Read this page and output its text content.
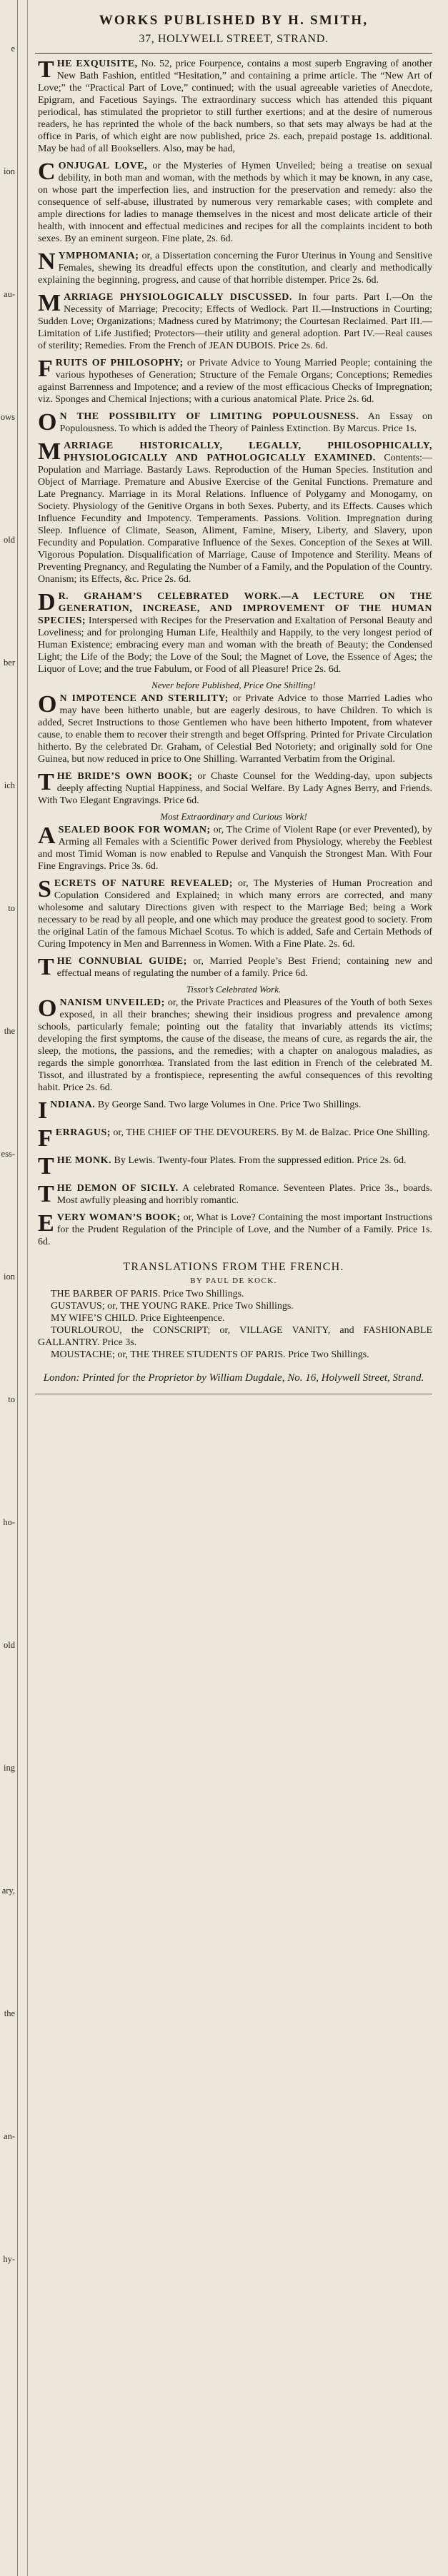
e
ion
au-
ows
old
ber
ich
to
the
ess-
ion
to
ho-
old
ing
ary,
the
an-
hy-
WORKS PUBLISHED BY H. SMITH,
37, HOLYWELL STREET, STRAND.
THE EXQUISITE, No. 52, price Fourpence, contains a most superb Engraving of another New Bath Fashion, entitled “Hesitation,” and containing a prime article. The “New Art of Love;” the “Practical Part of Love,” continued; with the usual agreeable varieties of Anecdote, Epigram, and Facetious Sayings. The extraordinary success which has attended this piquant periodical, has stimulated the proprietor to still further exertions; and at the desire of numerous readers, he has reprinted the whole of the back numbers, so that sets may always be had at the office in Paris, of which eight are now published, price 2s. each, prepaid postage 1s. additional. May be had of all Booksellers. Also, may be had,
CONJUGAL LOVE, or the Mysteries of Hymen Unveiled; being a treatise on sexual debility, in both man and woman, with the methods by which it may be known, in any case, on whose part the imperfection lies, and instruction for the preservation and remedy: also the consequence of self-abuse, illustrated by numerous very remarkable cases; with complete and ample directions for ladies to manage themselves in the nicest and most delicate article of their health, with innocent and effectual medicines and recipes for all the complaints incident to both sexes. By an eminent surgeon. Fine plate, 2s. 6d.
NYMPHOMANIA; or, a Dissertation concerning the Furor Uterinus in Young and Sensitive Females, shewing its dreadful effects upon the constitution, and clearly and methodically explaining the beginning, progress, and cause of that horrible distemper. Price 2s. 6d.
MARRIAGE PHYSIOLOGICALLY DISCUSSED. In four parts. Part I.—On the Necessity of Marriage; Precocity; Effects of Wedlock. Part II.—Instructions in Courting; Sudden Love; Organizations; Madness cured by Matrimony; the Courtesan Reclaimed. Part III.—Limitation of Life Justified; Protectors—their utility and general adoption. Part IV.—Real causes of sterility; Remedies. From the French of JEAN DUBOIS. Price 2s. 6d.
FRUITS OF PHILOSOPHY; or Private Advice to Young Married People; containing the various hypotheses of Generation; Structure of the Female Organs; Conceptions; Remedies against Barrenness and Impotence; and a review of the most efficacious Checks of Impregnation; viz. Sponges and Chemical Injections; with a curious anatomical Plate. Price 2s. 6d.
O N THE POSSIBILITY OF LIMITING POPULOUSNESS. An Essay on Populousness. To which is added the Theory of Painless Extinction. By Marcus. Price 1s.
MARRIAGE HISTORICALLY, LEGALLY, PHILOSOPHICALLY, PHYSIOLOGICALLY AND PATHOLOGICALLY EXAMINED. Contents:—Population and Marriage. Bastardy Laws. Reproduction of the Human Species. Institution and Object of Marriage. Premature and Abusive Exercise of the Genital Functions. Premature and Late Pregnancy. Marriage in its Moral Relations. Influence of Polygamy and Monogamy, on Society. Physiology of the Genitive Organs in both Sexes. Puberty, and its Effects. Causes which Influence Fecundity and Impotency. Temperaments. Passions. Volition. Impregnation during Sleep. Influence of Climate, Season, Aliment, Famine, Misery, Liberty, and Slavery, upon Fecundity and Population. Comparative Influence of the Sexes. Conception of the Sexes at Will. Vigorous Population. Disqualification of Marriage, Cause of Impotence and Sterility. Means of Preventing Pregnancy, and Regulating the Number of a Family, and the Population of the Country. Onanism; its Effects, &c. Price 2s. 6d.
D R. GRAHAM’S CELEBRATED WORK.—A LECTURE ON THE GENERATION, INCREASE, AND IMPROVEMENT OF THE HUMAN SPECIES; Interspersed with Recipes for the Preservation and Exaltation of Personal Beauty and Loveliness; and for prolonging Human Life, Healthily and Happily, to the very longest period of Human Existence; embracing every man and woman with the breath of Beauty; the Condensed Light; the Life of the Body; the Love of the Soul; the Magnet of Love, the Essence of Ages; the Liquor of Love; and the true Fabulum, or Food of all Pleasure! Price 2s. 6d.
Never before Published, Price One Shilling!
O N IMPOTENCE AND STERILITY; or Private Advice to those Married Ladies who may have been hitherto unable, but are eagerly desirous, to have Children. To which is added, Secret Instructions to those Gentlemen who have been hitherto Impotent, from whatever cause, to enable them to recover their strength and beget Offspring. Printed for Private Circulation hitherto. By the celebrated Dr. Graham, of Celestial Bed Notoriety; and originally sold for One Guinea, but now reduced in price to One Shilling. Warranted Verbatim from the Original.
THE BRIDE’S OWN BOOK; or Chaste Counsel for the Wedding-day, upon subjects deeply affecting Nuptial Happiness, and Social Welfare. By Lady Agnes Berry, and Friends. With Two Elegant Engravings. Price 6d.
Most Extraordinary and Curious Work!
A SEALED BOOK FOR WOMAN; or, The Crime of Violent Rape (or ever Prevented), by Arming all Females with a Scientific Power derived from Physiology, whereby the Feeblest and most Timid Woman is now enabled to Repulse and Vanquish the Strongest Man. With Four Fine Engravings. Price 3s. 6d.
SECRETS OF NATURE REVEALED; or, The Mysteries of Human Procreation and Copulation Considered and Explained; in which many errors are corrected, and many wholesome and salutary Directions given with respect to the Marriage Bed; being a Work necessary to be read by all people, and one which may produce the greatest good to society. From the original Latin of the famous Michael Scotus. To which is added, Safe and Certain Methods of Curing Impotency in Men and Barrenness in Women. With a Fine Plate. 2s. 6d.
THE CONNUBIAL GUIDE; or, Married People’s Best Friend; containing new and effectual means of regulating the number of a family. Price 6d.
Tissot’s Celebrated Work.
ONANISM UNVEILED; or, the Private Practices and Pleasures of the Youth of both Sexes exposed, in all their branches; shewing their insidious progress and prevalence among schools, particularly female; pointing out the fatality that invariably attends its victims; developing the first symptoms, the cause of the disease, the means of cure, as regards the air, the sleep, the motions, the passions, and the remedies; with a chapter on analogous maladies, as regards the simple gonorrhœa. Translated from the last edition in French of the celebrated M. Tissot, and illustrated by a frontispiece, representing the awful consequences of this revolting habit. Price 2s. 6d.
INDIANA. By George Sand. Two large Volumes in One. Price Two Shillings.
FERRAGUS; or, THE CHIEF OF THE DEVOURERS. By M. de Balzac. Price One Shilling.
THE MONK. By Lewis. Twenty-four Plates. From the suppressed edition. Price 2s. 6d.
THE DEMON OF SICILY. A celebrated Romance. Seventeen Plates. Price 3s., boards. Most awfully pleasing and horribly romantic.
EVERY WOMAN’S BOOK; or, What is Love? Containing the most important Instructions for the Prudent Regulation of the Principle of Love, and the Number of a Family. Price 1s. 6d.
TRANSLATIONS FROM THE FRENCH.
BY PAUL DE KOCK.
THE BARBER OF PARIS. Price Two Shillings.
GUSTAVUS; or, THE YOUNG RAKE. Price Two Shillings.
MY WIFE’S CHILD. Price Eighteenpence.
TOURLOUROU, the CONSCRIPT; or, VILLAGE VANITY, and FASHIONABLE GALLANTRY. Price 3s.
MOUSTACHE; or, THE THREE STUDENTS OF PARIS. Price Two Shillings.
London: Printed for the Proprietor by William Dugdale, No. 16, Holywell Street, Strand.
